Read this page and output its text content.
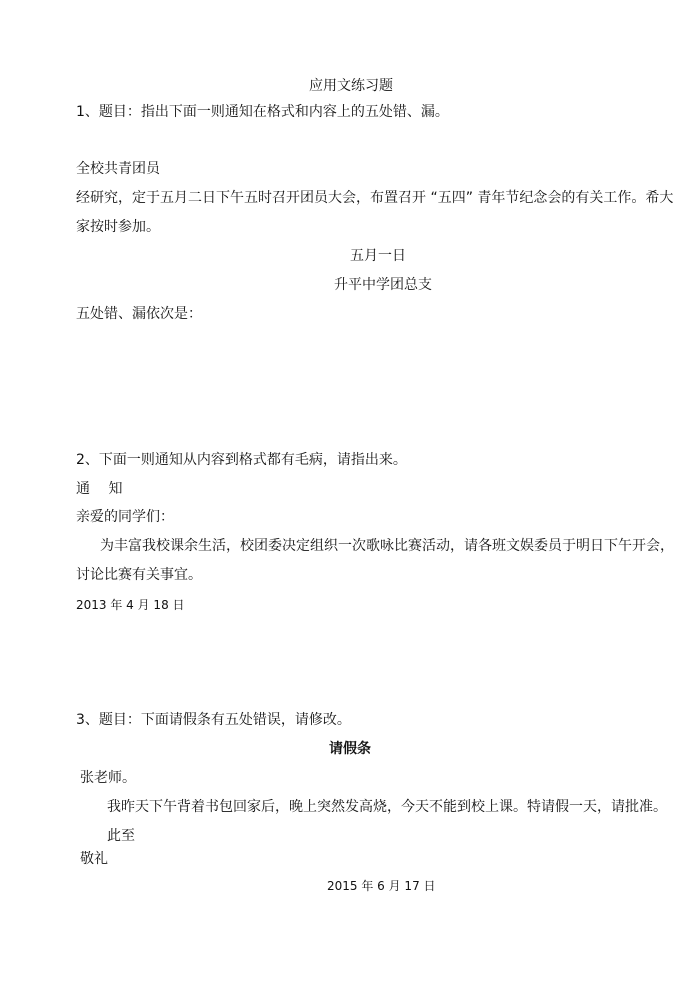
应用文练习题
1、题目：指出下面一则通知在格式和内容上的五处错、漏。
全校共青团员
经研究，定于五月二日下午五时召开团员大会，布置召开 “五四” 青年节纪念会的有关工作。希大
家按时参加。
五月一日
升平中学团总支
五处错、漏依次是：
2、下面一则通知从内容到格式都有毛病，请指出来。
通　 知
亲爱的同学们：
为丰富我校课余生活，校团委决定组织一次歌咏比赛活动，请各班文娱委员于明日下午开会，
讨论比赛有关事宜。
2013 年 4 月 18 日
3、题目：下面请假条有五处错误，请修改。
请假条
张老师。
我昨天下午背着书包回家后，晚上突然发高烧，今天不能到校上课。特请假一天，请批准。
此至
敬礼
2015 年 6 月 17 日
